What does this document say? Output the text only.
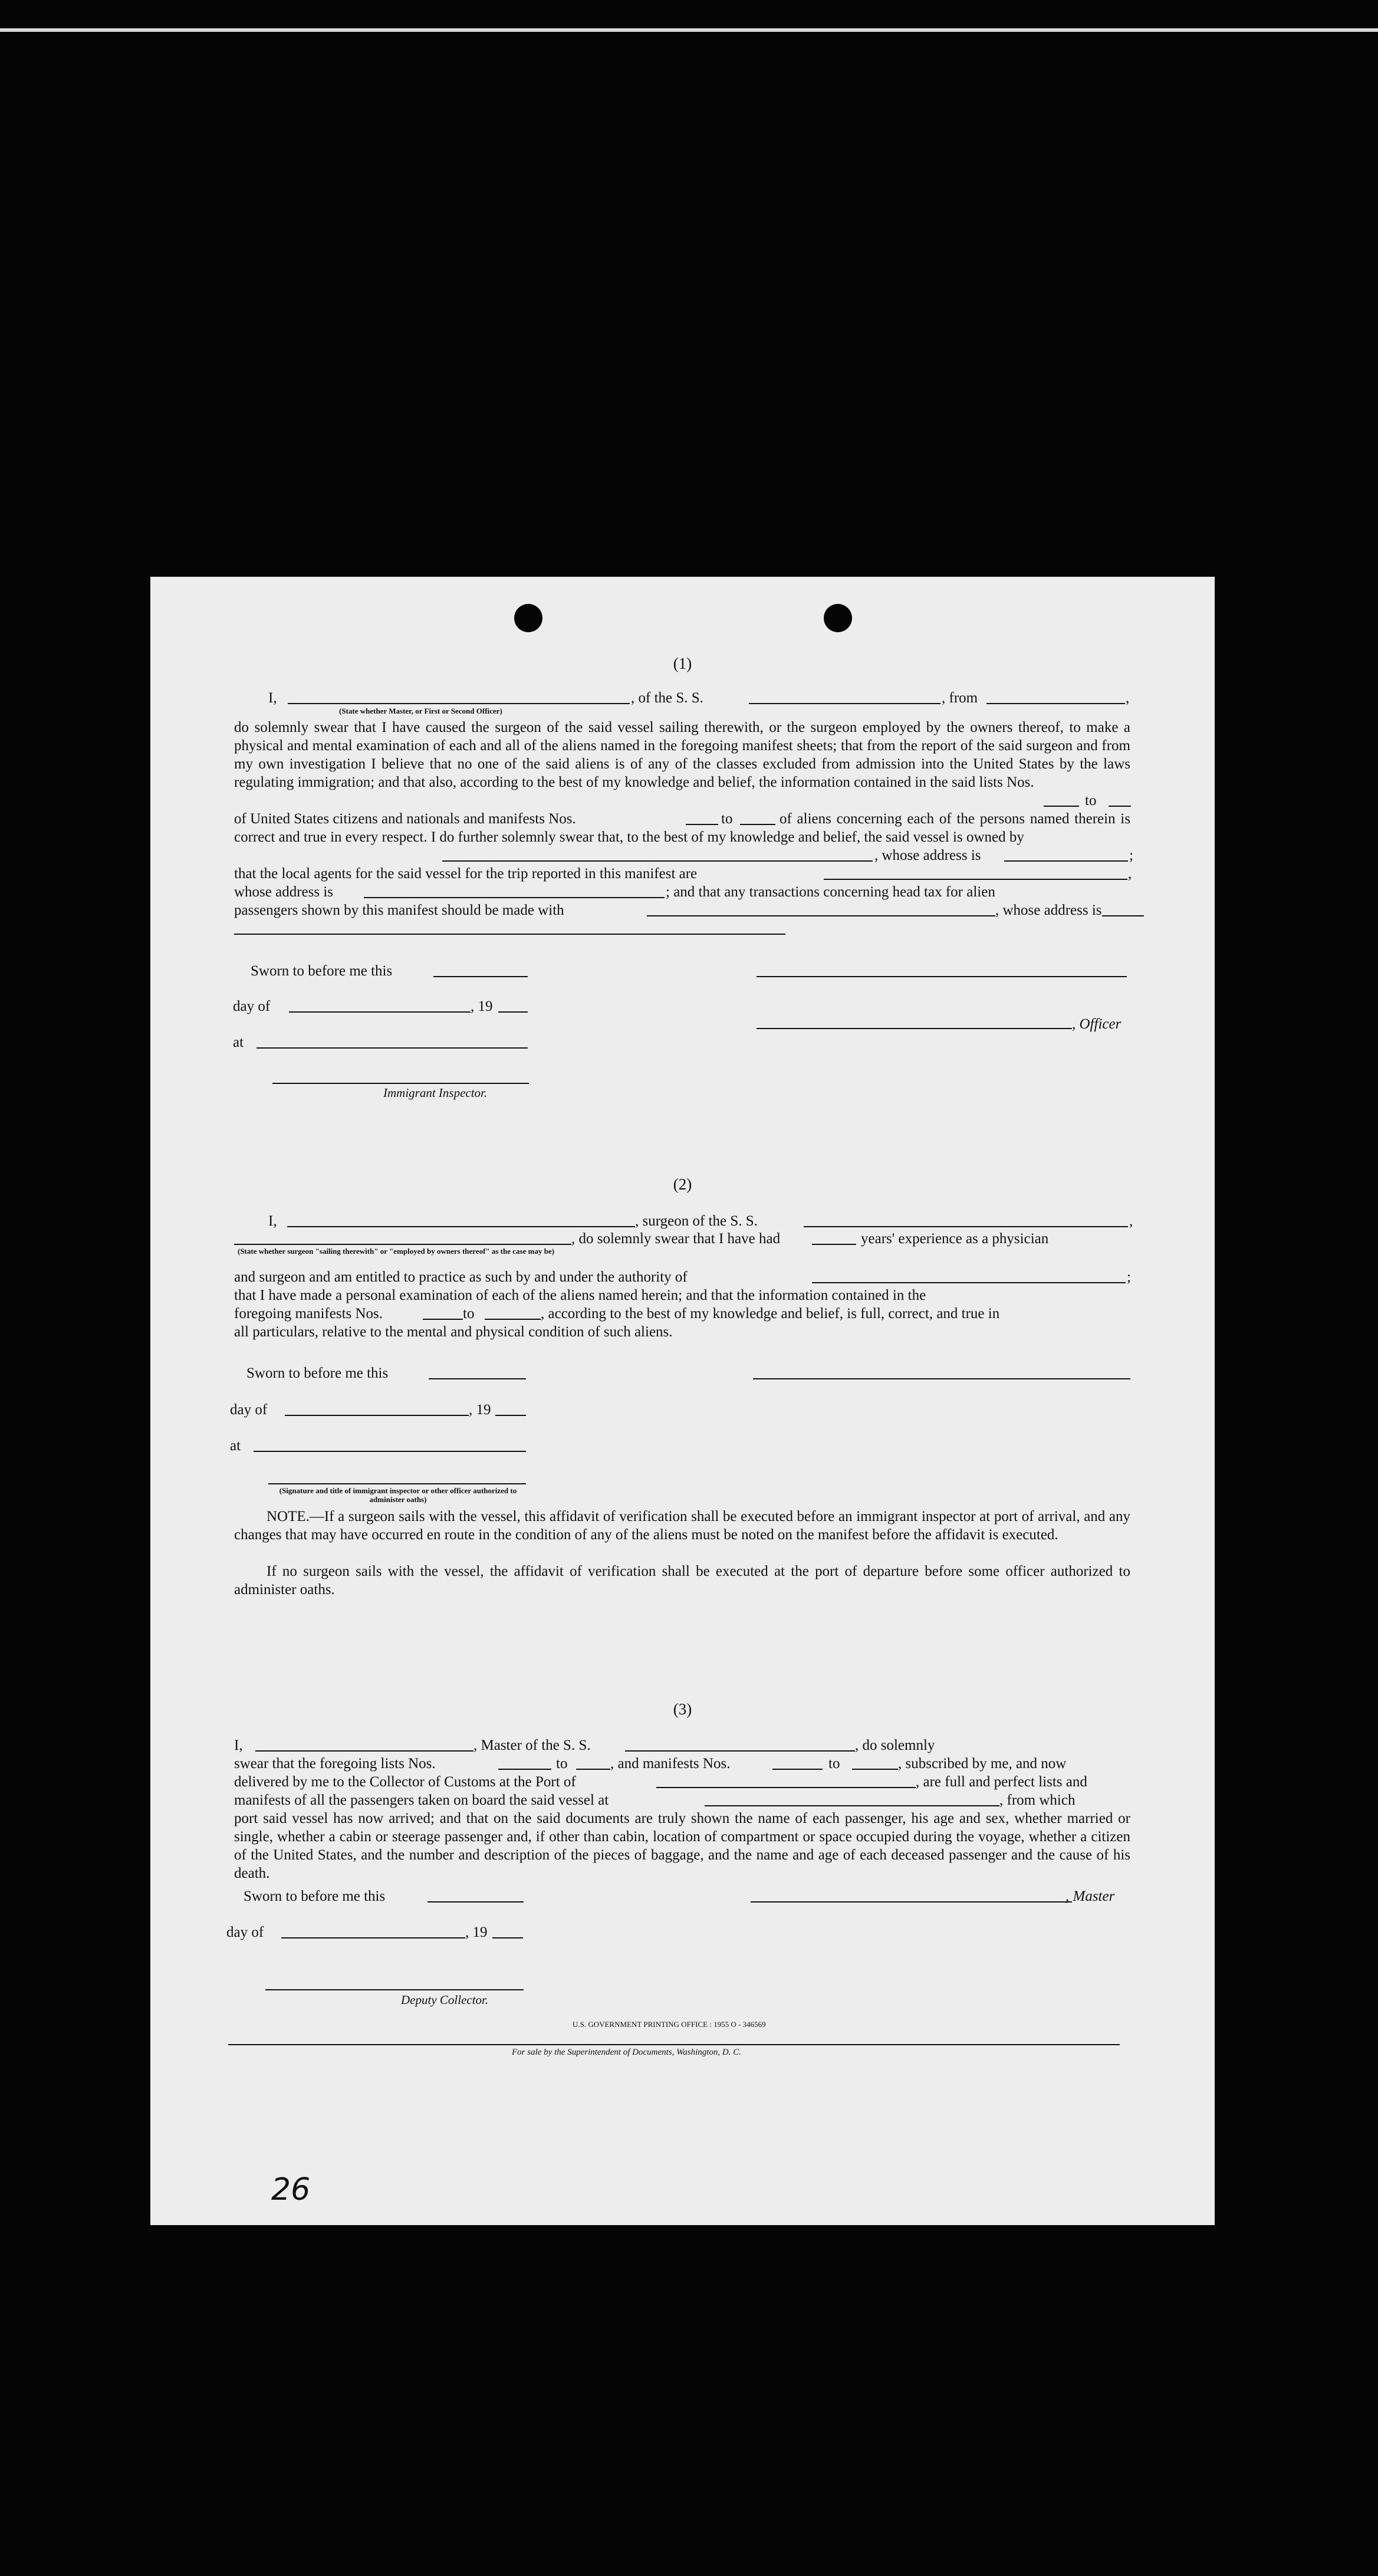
(1)
I,	, of the S. S.	, from	,
(State whether Master, or First or Second Officer)
do solemnly swear that I have caused the surgeon of the said vessel sailing therewith, or the surgeon employed by the owners thereof, to make a physical and mental examination of each and all of the aliens named in the foregoing manifest sheets; that from the report of the said surgeon and from my own investigation I believe that no one of the said aliens is of any of the classes excluded from admission into the United States by the laws regulating immigration; and that also, according to the best of my knowledge and belief, the information contained in the said lists Nos.
to
of United States citizens and nationals and manifests Nos.	to	of aliens concerning each of the persons named therein is correct and true in every respect. I do further solemnly swear that, to the best of my knowledge and belief, the said vessel is owned by
, whose address is	;
that the local agents for the said vessel for the trip reported in this manifest are	,
whose address is	; and that any transactions concerning head tax for alien
passengers shown by this manifest should be made with	, whose address is
Sworn to before me this
day of	, 19
, Officer
at
Immigrant Inspector.
(2)
I,	, surgeon of the S. S.	,
, do solemnly swear that I have had	years' experience as a physician
(State whether surgeon "sailing therewith" or "employed by owners thereof" as the case may be)
and surgeon and am entitled to practice as such by and under the authority of	;
that I have made a personal examination of each of the aliens named herein; and that the information contained in the
foregoing manifests Nos.	to	, according to the best of my knowledge and belief, is full, correct, and true in
all particulars, relative to the mental and physical condition of such aliens.
Sworn to before me this
day of	, 19
at
(Signature and title of immigrant inspector or other officer authorized to administer oaths)
NOTE.—If a surgeon sails with the vessel, this affidavit of verification shall be executed before an immigrant inspector at port of arrival, and any changes that may have occurred en route in the condition of any of the aliens must be noted on the manifest before the affidavit is executed.
If no surgeon sails with the vessel, the affidavit of verification shall be executed at the port of departure before some officer authorized to administer oaths.
(3)
I,	, Master of the S. S.	, do solemnly
swear that the foregoing lists Nos.	to	, and manifests Nos.	to	, subscribed by me, and now
delivered by me to the Collector of Customs at the Port of	, are full and perfect lists and
manifests of all the passengers taken on board the said vessel at	, from which
port said vessel has now arrived; and that on the said documents are truly shown the name of each passenger, his age and sex, whether married or single, whether a cabin or steerage passenger and, if other than cabin, location of compartment or space occupied during the voyage, whether a citizen of the United States, and the number and description of the pieces of baggage, and the name and age of each deceased passenger and the cause of his death.
Sworn to before me this	, Master
day of	, 19
Deputy Collector.
U.S. GOVERNMENT PRINTING OFFICE : 1955 O - 346569
For sale by the Superintendent of Documents, Washington, D. C.
26
